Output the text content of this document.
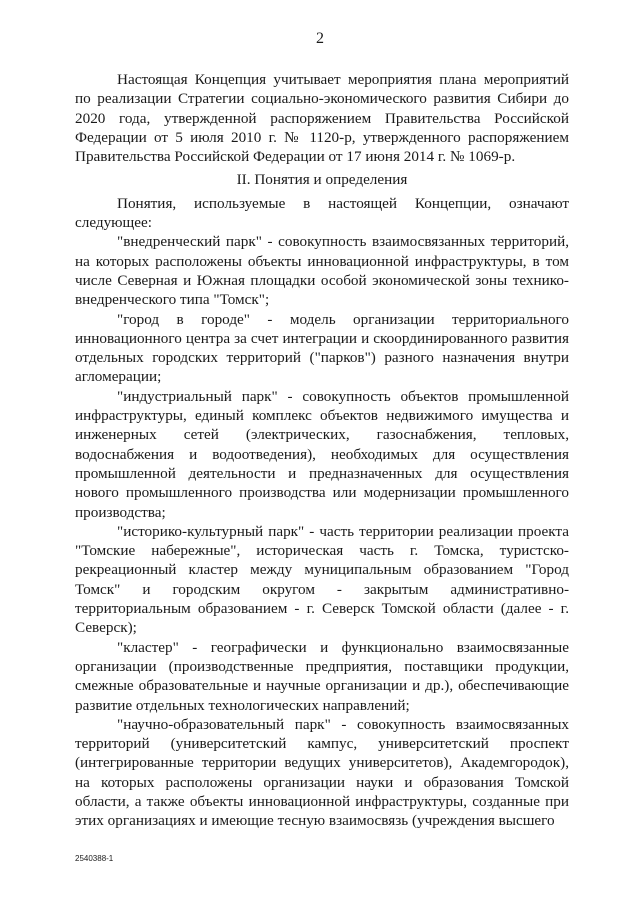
2

Настоящая Концепция учитывает мероприятия плана мероприятий по реализации Стратегии социально-экономического развития Сибири до 2020 года, утвержденной распоряжением Правительства Российской Федерации от 5 июля 2010 г. № 1120-р, утвержденного распоряжением Правительства Российской Федерации от 17 июня 2014 г. № 1069-р.

II. Понятия и определения

Понятия, используемые в настоящей Концепции, означают следующее:

"внедренческий парк" - совокупность взаимосвязанных территорий, на которых расположены объекты инновационной инфраструктуры, в том числе Северная и Южная площадки особой экономической зоны технико-внедренческого типа "Томск";

"город в городе" - модель организации территориального инновационного центра за счет интеграции и скоординированного развития отдельных городских территорий ("парков") разного назначения внутри агломерации;

"индустриальный парк" - совокупность объектов промышленной инфраструктуры, единый комплекс объектов недвижимого имущества и инженерных сетей (электрических, газоснабжения, тепловых, водоснабжения и водоотведения), необходимых для осуществления промышленной деятельности и предназначенных для осуществления нового промышленного производства или модернизации промышленного производства;

"историко-культурный парк" - часть территории реализации проекта "Томские набережные", историческая часть г. Томска, туристско-рекреационный кластер между муниципальным образованием "Город Томск" и городским округом - закрытым административно-территориальным образованием - г. Северск Томской области (далее - г. Северск);

"кластер" - географически и функционально взаимосвязанные организации (производственные предприятия, поставщики продукции, смежные образовательные и научные организации и др.), обеспечивающие развитие отдельных технологических направлений;

"научно-образовательный парк" - совокупность взаимосвязанных территорий (университетский кампус, университетский проспект (интегрированные территории ведущих университетов), Академгородок), на которых расположены организации науки и образования Томской области, а также объекты инновационной инфраструктуры, созданные при этих организациях и имеющие тесную взаимосвязь (учреждения высшего

2540388-1
